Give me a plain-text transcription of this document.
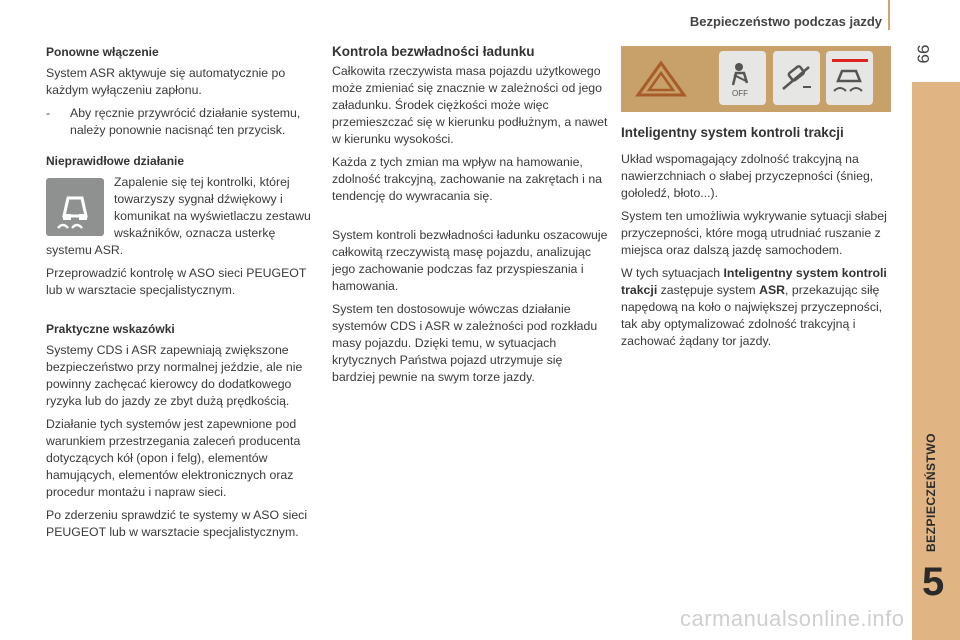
Bezpieczeństwo podczas jazdy
99
BEZPIECZEŃSTWO
5
Ponowne włączenie

System ASR aktywuje się automatycznie po każdym wyłączeniu zapłonu.

-	Aby ręcznie przywrócić działanie systemu, należy ponownie nacisnąć ten przycisk.
Nieprawidłowe działanie

Zapalenie się tej kontrolki, której towarzyszy sygnał dźwiękowy i komunikat na wyświetlaczu zestawu wskaźników, oznacza usterkę systemu ASR.

Przeprowadzić kontrolę w ASO sieci PEUGEOT lub w warsztacie specjalistycznym.

Praktyczne wskazówki

Systemy CDS i ASR zapewniają zwiększone bezpieczeństwo przy normalnej jeździe, ale nie powinny zachęcać kierowcy do dodatkowego ryzyka lub do jazdy ze zbyt dużą prędkością.

Działanie tych systemów jest zapewnione pod warunkiem przestrzegania zaleceń producenta dotyczących kół (opon i felg), elementów hamujących, elementów elektronicznych oraz procedur montażu i napraw sieci.

Po zderzeniu sprawdzić te systemy w ASO sieci PEUGEOT lub w warsztacie specjalistycznym.

Kontrola bezwładności ładunku

Całkowita rzeczywista masa pojazdu użytkowego może zmieniać się znacznie w zależności od jego załadunku. Środek ciężkości może więc przemieszczać się w kierunku podłużnym, a nawet w kierunku wysokości.

Każda z tych zmian ma wpływ na hamowanie, zdolność trakcyjną, zachowanie na zakrętach i na tendencję do wywracania się.

System kontroli bezwładności ładunku oszacowuje całkowitą rzeczywistą masę pojazdu, analizując jego zachowanie podczas faz przyspieszania i hamowania.

System ten dostosowuje wówczas działanie systemów CDS i ASR w zależności pod rozkładu masy pojazdu. Dzięki temu, w sytuacjach krytycznych Państwa pojazd utrzymuje się bardziej pewnie na swym torze jazdy.

OFF
Inteligentny system kontroli trakcji

Układ wspomagający zdolność trakcyjną na nawierzchniach o słabej przyczepności (śnieg, gołoledź, błoto...).

System ten umożliwia wykrywanie sytuacji słabej przyczepności, które mogą utrudniać ruszanie z miejsca oraz dalszą jazdę samochodem.

W tych sytuacjach Inteligentny system kontroli trakcji zastępuje system ASR, przekazując siłę napędową na koło o największej przyczepności, tak aby optymalizować zdolność trakcyjną i zachować żądany tor jazdy.

carmanualsonline.info
